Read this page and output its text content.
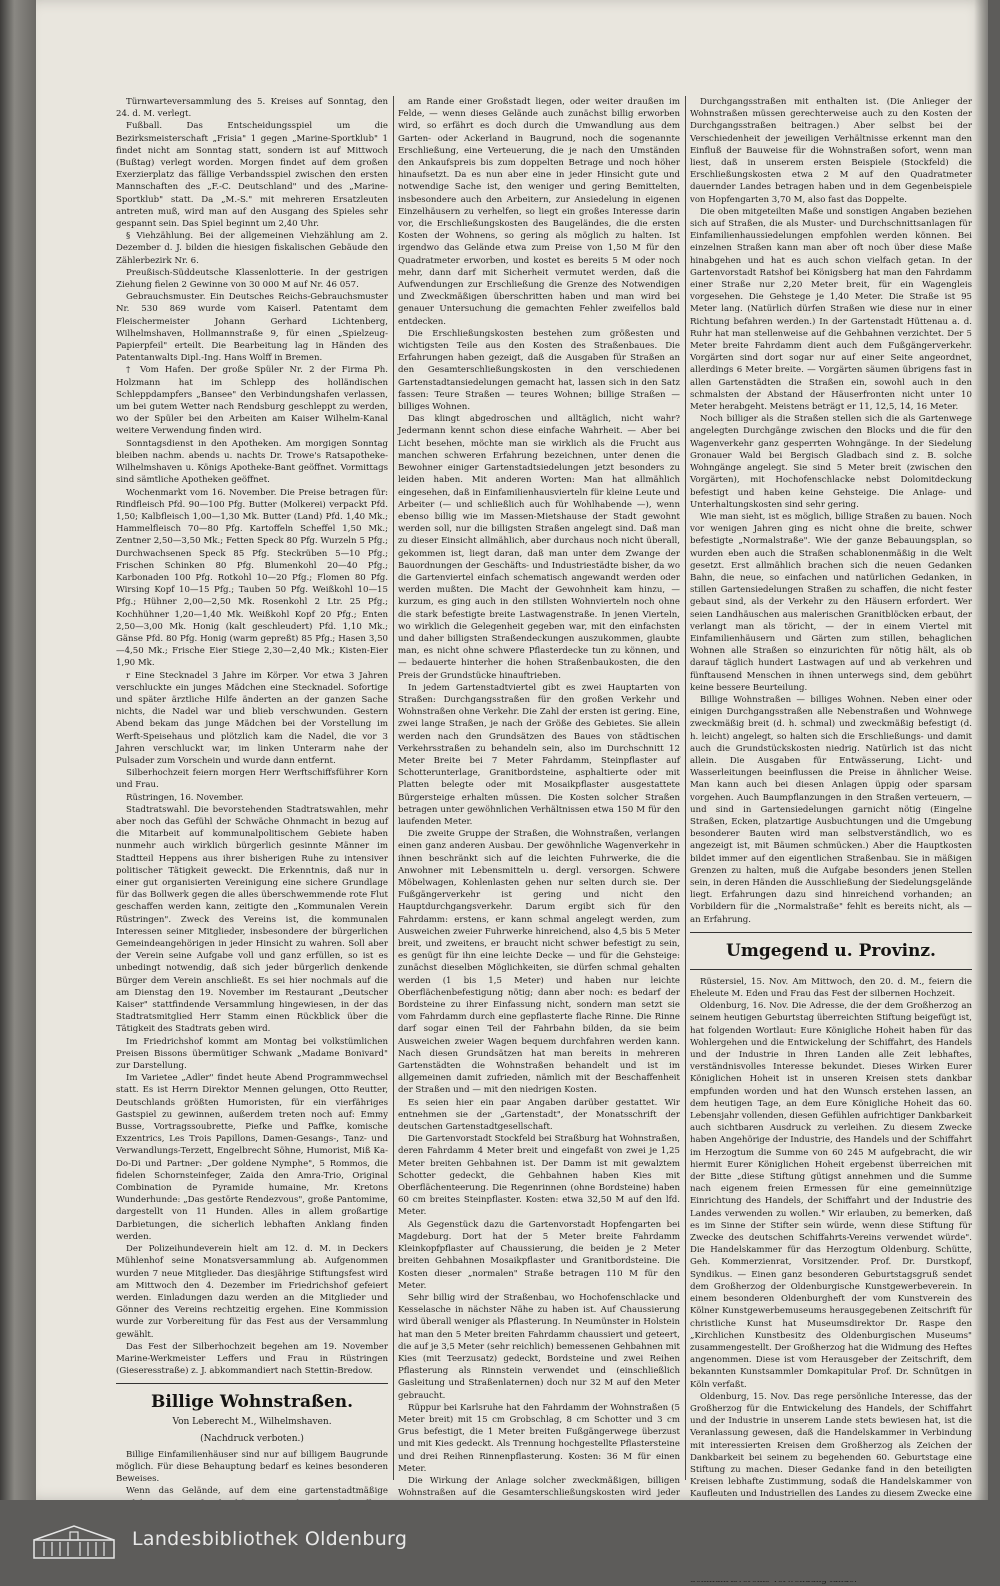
Türnwarteversammlung des 5. Kreises auf Sonntag, den 24. d. M. verlegt.

Fußball. Das Entscheidungsspiel um die Bezirksmeisterschaft „Frisia" 1 gegen „Marine-Sportklub" 1 findet nicht am Sonntag statt, sondern ist auf Mittwoch (Bußtag) verlegt worden. Morgen findet auf dem großen Exerzierplatz das fällige Verbandsspiel zwischen den ersten Mannschaften des „F.-C. Deutschland" und des „Marine-Sportklub" statt. Da „M.-S." mit mehreren Ersatzleuten antreten muß, wird man auf den Ausgang des Spieles sehr gespannt sein. Das Spiel beginnt um 2,40 Uhr.

§ Viehzählung. Bei der allgemeinen Viehzählung am 2. Dezember d. J. bilden die hiesigen fiskalischen Gebäude den Zählerbezirk Nr. 6.

Preußisch-Süddeutsche Klassenlotterie. In der gestrigen Ziehung fielen 2 Gewinne von 30 000 M auf Nr. 46 057.

Gebrauchsmuster. Ein Deutsches Reichs-Gebrauchsmuster Nr. 530 869 wurde vom Kaiserl. Patentamt dem Fleischermeister Johann Gerhard Lichtenberg, Wilhelmshaven, Hollmannstraße 9, für einen „Spielzeug-Papierpfeil" erteilt. Die Bearbeitung lag in Händen des Patentanwalts Dipl.-Ing. Hans Wolff in Bremen.

† Vom Hafen. Der große Spüler Nr. 2 der Firma Ph. Holzmann hat im Schlepp des holländischen Schleppdampfers „Bansee" den Verbindungshafen verlassen, um bei gutem Wetter nach Rendsburg geschleppt zu werden, wo der Spüler bei den Arbeiten am Kaiser Wilhelm-Kanal weitere Verwendung finden wird.

Sonntagsdienst in den Apotheken. Am morgigen Sonntag bleiben nachm. abends u. nachts Dr. Trowe's Ratsapotheke-Wilhelmshaven u. Königs Apotheke-Bant geöffnet. Vormittags sind sämtliche Apotheken geöffnet.

Wochenmarkt vom 16. November. Die Preise betragen für: Rindfleisch Pfd. 90—100 Pfg. Butter (Molkerei) verpackt Pfd. 1,50; Kalbfleisch 1,00—1,30 Mk. Butter (Land) Pfd. 1,40 Mk.; Hammelfleisch 70—80 Pfg. Kartoffeln Scheffel 1,50 Mk.; Zentner 2,50—3,50 Mk.; Fetten Speck 80 Pfg. Wurzeln 5 Pfg.; Durchwachsenen Speck 85 Pfg. Steckrüben 5—10 Pfg.; Frischen Schinken 80 Pfg. Blumenkohl 20—40 Pfg.; Karbonaden 100 Pfg. Rotkohl 10—20 Pfg.; Flomen 80 Pfg. Wirsing Kopf 10—15 Pfg.; Tauben 50 Pfg. Weißkohl 10—15 Pfg.; Hühner 2,00—2,50 Mk. Rosenkohl 2 Ltr. 25 Pfg.; Kochhühner 1,20—1,40 Mk. Weißkohl Kopf 20 Pfg.; Enten 2,50—3,00 Mk. Honig (kalt geschleudert) Pfd. 1,10 Mk.; Gänse Pfd. 80 Pfg. Honig (warm gepreßt) 85 Pfg.; Hasen 3,50—4,50 Mk.; Frische Eier Stiege 2,30—2,40 Mk.; Kisten-Eier 1,90 Mk.

r Eine Stecknadel 3 Jahre im Körper. Vor etwa 3 Jahren verschluckte ein junges Mädchen eine Stecknadel. Sofortige und später ärztliche Hilfe änderten an der ganzen Sache nichts, die Nadel war und blieb verschwunden. Gestern Abend bekam das junge Mädchen bei der Vorstellung im Werft-Speisehaus und plötzlich kam die Nadel, die vor 3 Jahren verschluckt war, im linken Unterarm nahe der Pulsader zum Vorschein und wurde dann entfernt.

Silberhochzeit feiern morgen Herr Werftschiffsführer Korn und Frau.

Rüstringen, 16. November.

Stadtratswahl. Die bevorstehenden Stadtratswahlen, mehr aber noch das Gefühl der Schwäche Ohnmacht in bezug auf die Mitarbeit auf kommunalpolitischem Gebiete haben nunmehr auch wirklich bürgerlich gesinnte Männer im Stadtteil Heppens aus ihrer bisherigen Ruhe zu intensiver politischer Tätigkeit geweckt. Die Erkenntnis, daß nur in einer gut organisierten Vereinigung eine sichere Grundlage für das Bollwerk gegen die alles überschwemmende rote Flut geschaffen werden kann, zeitigte den „Kommunalen Verein Rüstringen". Zweck des Vereins ist, die kommunalen Interessen seiner Mitglieder, insbesondere der bürgerlichen Gemeindeangehörigen in jeder Hinsicht zu wahren. Soll aber der Verein seine Aufgabe voll und ganz erfüllen, so ist es unbedingt notwendig, daß sich jeder bürgerlich denkende Bürger dem Verein anschließt. Es sei hier nochmals auf die am Dienstag den 19. November im Restaurant „Deutscher Kaiser" stattfindende Versammlung hingewiesen, in der das Stadtratsmitglied Herr Stamm einen Rückblick über die Tätigkeit des Stadtrats geben wird.

Im Friedrichshof kommt am Montag bei volkstümlichen Preisen Bissons übermütiger Schwank „Madame Bonivard" zur Darstellung.

Im Varietee „Adler" findet heute Abend Programmwechsel statt. Es ist Herrn Direktor Mennen gelungen, Otto Reutter, Deutschlands größten Humoristen, für ein vierfähriges Gastspiel zu gewinnen, außerdem treten noch auf: Emmy Busse, Vortragssoubrette, Piefke und Paffke, komische Exzentrics, Les Trois Papillons, Damen-Gesangs-, Tanz- und Verwandlungs-Terzett, Engelbrecht Söhne, Humorist, Miß Ka-Do-Di und Partner: „Der goldene Nymphe", 5 Rommos, die fidelen Schornsteinfeger, Zaida den Amra-Trio, Original Combination de Pyramide humaine, Mr. Kretons Wunderhunde: „Das gestörte Rendezvous", große Pantomime, dargestellt von 11 Hunden. Alles in allem großartige Darbietungen, die sicherlich lebhaften Anklang finden werden.

Der Polizeihundeverein hielt am 12. d. M. in Deckers Mühlenhof seine Monatsversammlung ab. Aufgenommen wurden 7 neue Mitglieder. Das diesjährige Stiftungsfest wird am Mittwoch den 4. Dezember im Friedrichshof gefeiert werden. Einladungen dazu werden an die Mitglieder und Gönner des Vereins rechtzeitig ergehen. Eine Kommission wurde zur Vorbereitung für das Fest aus der Versammlung gewählt.

Das Fest der Silberhochzeit begehen am 19. November Marine-Werkmeister Leffers und Frau in Rüstringen (Gieseresstraße) z. J. abkommandiert nach Stettin-Bredow.

Billige Wohnstraßen.
Von Leberecht M., Wilhelmshaven.
(Nachdruck verboten.)

Billige Einfamilienhäuser sind nur auf billigem Baugrunde möglich. Für diese Behauptung bedarf es keines besonderen Beweises.

Wenn das Gelände, auf dem eine gartenstadtmäßige

am Rande einer Großstadt liegen, oder weiter draußen im Felde, — wenn dieses Gelände auch zunächst billig erworben wird, so erfährt es doch durch die Umwandlung aus dem Garten- oder Ackerland in Baugrund, noch die sogenannte Erschließung, eine Verteuerung, die je nach den Umständen den Ankaufspreis bis zum doppelten Betrage und noch höher hinaufsetzt. Da es nun aber eine in jeder Hinsicht gute und notwendige Sache ist, den weniger und gering Bemittelten, insbesondere auch den Arbeitern, zur Ansiedelung in eigenen Einzelhäusern zu verhelfen, so liegt ein großes Interesse darin vor, die Erschließungskosten des Baugeländes, die die ersten Kosten der Wohnens, so gering als möglich zu halten. Ist irgendwo das Gelände etwa zum Preise von 1,50 M für den Quadratmeter erworben, und kostet es bereits 5 M oder noch mehr, dann darf mit Sicherheit vermutet werden, daß die Aufwendungen zur Erschließung die Grenze des Notwendigen und Zweckmäßigen überschritten haben und man wird bei genauer Untersuchung die gemachten Fehler zweifellos bald entdecken.

Die Erschließungskosten bestehen zum größesten und wichtigsten Teile aus den Kosten des Straßenbaues. Die Erfahrungen haben gezeigt, daß die Ausgaben für Straßen an den Gesamterschließungskosten in den verschiedenen Gartenstadtansiedelungen gemacht hat, lassen sich in den Satz fassen: Teure Straßen — teures Wohnen; billige Straßen — billiges Wohnen.

Das klingt abgedroschen und alltäglich, nicht wahr? Jedermann kennt schon diese einfache Wahrheit. — Aber bei Licht besehen, möchte man sie wirklich als die Frucht aus manchen schweren Erfahrung bezeichnen, unter denen die Bewohner einiger Gartenstadtsiedelungen jetzt besonders zu leiden haben. Mit anderen Worten: Man hat allmählich eingesehen, daß in Einfamilienhausvierteln für kleine Leute und Arbeiter (— und schließlich auch für Wohlhabende —), wenn ebenso billig wie im Massen-Mietshause der Stadt gewohnt werden soll, nur die billigsten Straßen angelegt sind. Daß man zu dieser Einsicht allmählich, aber durchaus noch nicht überall, gekommen ist, liegt daran, daß man unter dem Zwange der Bauordnungen der Geschäfts- und Industriestädte bisher, da wo die Gartenviertel einfach schematisch angewandt werden oder werden mußten. Die Macht der Gewohnheit kam hinzu, — kurzum, es ging auch in den stillsten Wohnvierteln noch ohne die stark befestigte breite Lastwagenstraße. In jenen Vierteln, wo wirklich die Gelegenheit gegeben war, mit den einfachsten und daher billigsten Straßendeckungen auszukommen, glaubte man, es nicht ohne schwere Pflasterdecke tun zu können, und — bedauerte hinterher die hohen Straßenbaukosten, die den Preis der Grundstücke hinauftrieben.

In jedem Gartenstadtviertel gibt es zwei Hauptarten von Straßen: Durchgangsstraßen für den großen Verkehr und Wohnstraßen ohne Verkehr. Die Zahl der ersten ist gering. Eine, zwei lange Straßen, je nach der Größe des Gebietes. Sie allein werden nach den Grundsätzen des Baues von städtischen Verkehrsstraßen zu behandeln sein, also im Durchschnitt 12 Meter Breite bei 7 Meter Fahrdamm, Steinpflaster auf Schotterunterlage, Granitbordsteine, asphaltierte oder mit Platten belegte oder mit Mosaikpflaster ausgestattete Bürgersteige erhalten müssen. Die Kosten solcher Straßen betragen unter gewöhnlichen Verhältnissen etwa 150 M für den laufenden Meter.

Die zweite Gruppe der Straßen, die Wohnstraßen, verlangen einen ganz anderen Ausbau. Der gewöhnliche Wagenverkehr in ihnen beschränkt sich auf die leichten Fuhrwerke, die die Anwohner mit Lebensmitteln u. dergl. versorgen. Schwere Möbelwagen, Kohlenlasten gehen nur selten durch sie. Der Fußgängerverkehr ist gering und nicht den Hauptdurchgangsverkehr. Darum ergibt sich für den Fahrdamm: erstens, er kann schmal angelegt werden, zum Ausweichen zweier Fuhrwerke hinreichend, also 4,5 bis 5 Meter breit, und zweitens, er braucht nicht schwer befestigt zu sein, es genügt für ihn eine leichte Decke — und für die Gehsteige: zunächst dieselben Möglichkeiten, sie dürfen schmal gehalten werden (1 bis 1,5 Meter) und haben nur leichte Oberflächenbefestigung nötig; dann aber noch: es bedarf der Bordsteine zu ihrer Einfassung nicht, sondern man setzt sie vom Fahrdamm durch eine gepflasterte flache Rinne. Die Rinne darf sogar einen Teil der Fahrbahn bilden, da sie beim Ausweichen zweier Wagen bequem durchfahren werden kann. Nach diesen Grundsätzen hat man bereits in mehreren Gartenstädten die Wohnstraßen behandelt und ist im allgemeinen damit zufrieden, nämlich mit der Beschaffenheit der Straßen und — mit den niedrigen Kosten.

Es seien hier ein paar Angaben darüber gestattet. Wir entnehmen sie der „Gartenstadt", der Monatsschrift der deutschen Gartenstadtgesellschaft.

Die Gartenvorstadt Stockfeld bei Straßburg hat Wohnstraßen, deren Fahrdamm 4 Meter breit und eingefaßt von zwei je 1,25 Meter breiten Gehbahnen ist. Der Damm ist mit gewalztem Schotter gedeckt, die Gehbahnen haben Kies mit Oberflächenteerung. Die Regenrinnen (ohne Bordsteine) haben 60 cm breites Steinpflaster. Kosten: etwa 32,50 M auf den lfd. Meter.

Als Gegenstück dazu die Gartenvorstadt Hopfengarten bei Magdeburg. Dort hat der 5 Meter breite Fahrdamm Kleinkopfpflaster auf Chaussierung, die beiden je 2 Meter breiten Gehbahnen Mosaikpflaster und Granitbordsteine. Die Kosten dieser „normalen" Straße betragen 110 M für den Meter.

Sehr billig wird der Straßenbau, wo Hochofenschlacke und Kesselasche in nächster Nähe zu haben ist. Auf Chaussierung wird überall weniger als Pflasterung. In Neumünster in Holstein hat man den 5 Meter breiten Fahrdamm chaussiert und geteert, die auf je 3,5 Meter (sehr reichlich) bemessenen Gehbahnen mit Kies (mit Teerzusatz) gedeckt, Bordsteine und zwei Reihen Pflasterung als Rinnstein verwendet und (einschließlich Gasleitung und Straßenlaternen) doch nur 32 M auf den Meter gebraucht.

Rüppur bei Karlsruhe hat den Fahrdamm der Wohnstraßen (5 Meter breit) mit 15 cm Grobschlag, 8 cm Schotter und 3 cm Grus befestigt, die 1 Meter breiten Fußgängerwege überzust und mit Kies gedeckt. Als Trennung hochgestellte Pflastersteine und drei Reihen Rinnenpflasterung. Kosten: 36 M für einen Meter.

Die Wirkung der Anlage solcher zweckmäßigen, billigen Wohnstraßen auf die Gesamterschließungskosten wird jeder

Durchgangsstraßen mit enthalten ist. (Die Anlieger der Wohnstraßen müssen gerechterweise auch zu den Kosten der Durchgangsstraßen beitragen.) Aber selbst bei der Verschiedenheit der jeweiligen Verhältnisse erkennt man den Einfluß der Bauweise für die Wohnstraßen sofort, wenn man liest, daß in unserem ersten Beispiele (Stockfeld) die Erschließungskosten etwa 2 M auf den Quadratmeter dauernder Landes betragen haben und in dem Gegenbeispiele von Hopfengarten 3,70 M, also fast das Doppelte.

Die oben mitgeteilten Maße und sonstigen Angaben beziehen sich auf Straßen, die als Muster- und Durchschnittsanlagen für Einfamilienhaussiedelungen empfohlen werden können. Bei einzelnen Straßen kann man aber oft noch über diese Maße hinabgehen und hat es auch schon vielfach getan. In der Gartenvorstadt Ratshof bei Königsberg hat man den Fahrdamm einer Straße nur 2,20 Meter breit, für ein Wagengleis vorgesehen. Die Gehstege je 1,40 Meter. Die Straße ist 95 Meter lang. (Natürlich dürfen Straßen wie diese nur in einer Richtung befahren werden.) In der Gartenstadt Hüttenau a. d. Ruhr hat man stellenweise auf die Gehbahnen verzichtet. Der 5 Meter breite Fahrdamm dient auch dem Fußgängerverkehr. Vorgärten sind dort sogar nur auf einer Seite angeordnet, allerdings 6 Meter breite. — Vorgärten säumen übrigens fast in allen Gartenstädten die Straßen ein, sowohl auch in den schmalsten der Abstand der Häuserfronten nicht unter 10 Meter herabgeht. Meistens beträgt er 11, 12,5, 14, 16 Meter.

Noch billiger als die Straßen stellen sich die als Gartenwege angelegten Durchgänge zwischen den Blocks und die für den Wagenverkehr ganz gesperrten Wohngänge. In der Siedelung Gronauer Wald bei Bergisch Gladbach sind z. B. solche Wohngänge angelegt. Sie sind 5 Meter breit (zwischen den Vorgärten), mit Hochofenschlacke nebst Dolomitdeckung befestigt und haben keine Gehsteige. Die Anlage- und Unterhaltungskosten sind sehr gering.

Wie man sieht, ist es möglich, billige Straßen zu bauen. Noch vor wenigen Jahren ging es nicht ohne die breite, schwer befestigte „Normalstraße". Wie der ganze Bebauungsplan, so wurden eben auch die Straßen schablonenmäßig in die Welt gesetzt. Erst allmählich brachen sich die neuen Gedanken Bahn, die neue, so einfachen und natürlichen Gedanken, in stillen Gartensiedelungen Straßen zu schaffen, die nicht fester gebaut sind, als der Verkehr zu den Häusern erfordert. Wer seien Landhäuschen aus malerischen Granitblöcken erbaut, der verlangt man als töricht, — der in einem Viertel mit Einfamilienhäusern und Gärten zum stillen, behaglichen Wohnen alle Straßen so einzurichten für nötig hält, als ob darauf täglich hundert Lastwagen auf und ab verkehren und fünftausend Menschen in ihnen unterwegs sind, dem gebührt keine bessere Beurteilung.

Billige Wohnstraßen — billiges Wohnen. Neben einer oder einigen Durchgangsstraßen alle Nebenstraßen und Wohnwege zweckmäßig breit (d. h. schmal) und zweckmäßig befestigt (d. h. leicht) angelegt, so halten sich die Erschließungs- und damit auch die Grundstückskosten niedrig. Natürlich ist das nicht allein. Die Ausgaben für Entwässerung, Licht- und Wasserleitungen beeinflussen die Preise in ähnlicher Weise. Man kann auch bei diesen Anlagen üppig oder sparsam vorgehen. Auch Baumpflanzungen in den Straßen verteuern, — und sind in Gartensiedelungen garnicht nötig (Eingelne Straßen, Ecken, platzartige Ausbuchtungen und die Umgebung besonderer Bauten wird man selbstverständlich, wo es angezeigt ist, mit Bäumen schmücken.) Aber die Hauptkosten bildet immer auf den eigentlichen Straßenbau. Sie in mäßigen Grenzen zu halten, muß die Aufgabe besonders jenen Stellen sein, in deren Händen die Ausschließung der Siedelungsgelände liegt. Erfahrungen dazu sind hinreichend vorhanden; an Vorbildern für die „Normalstraße" fehlt es bereits nicht, als — an Erfahrung.

Umgegend u. Provinz.

Rüstersiel, 15. Nov. Am Mittwoch, den 20. d. M., feiern die Eheleute M. Eden und Frau das Fest der silbernen Hochzeit.

Oldenburg, 16. Nov. Die Adresse, die der dem Großherzog an seinem heutigen Geburtstag überreichten Stiftung beigefügt ist, hat folgenden Wortlaut: Eure Königliche Hoheit haben für das Wohlergehen und die Entwickelung der Schiffahrt, des Handels und der Industrie in Ihren Landen alle Zeit lebhaftes, verständnisvolles Interesse bekundet. Dieses Wirken Eurer Königlichen Hoheit ist in unseren Kreisen stets dankbar empfunden worden und hat den Wunsch erstehen lassen, an dem heutigen Tage, an dem Eure Königliche Hoheit das 60. Lebensjahr vollenden, diesen Gefühlen aufrichtiger Dankbarkeit auch sichtbaren Ausdruck zu verleihen. Zu diesem Zwecke haben Angehörige der Industrie, des Handels und der Schiffahrt im Herzogtum die Summe von 60 245 M aufgebracht, die wir hiermit Eurer Königlichen Hoheit ergebenst überreichen mit der Bitte „diese Stiftung gütigst annehmen und die Summe nach eigenem freien Ermessen für eine gemeinnützige Einrichtung des Handels, der Schiffahrt und der Industrie des Landes verwenden zu wollen." Wir erlauben, zu bemerken, daß es im Sinne der Stifter sein würde, wenn diese Stiftung für Zwecke des deutschen Schiffahrts-Vereins verwendet würde". Die Handelskammer für das Herzogtum Oldenburg. Schütte, Geh. Kommerzienrat, Vorsitzender. Prof. Dr. Durstkopf, Syndikus. — Einen ganz besonderen Geburtstagsgruß sendet dem Großherzog der Oldenburgische Kunstgewerbeverein. In einem besonderen Oldenburgheft der vom Kunstverein des Kölner Kunstgewerbemuseums herausgegebenen Zeitschrift für christliche Kunst hat Museumsdirektor Dr. Raspe den „Kirchlichen Kunstbesitz des Oldenburgischen Museums" zusammengestellt. Der Großherzog hat die Widmung des Heftes angenommen. Diese ist vom Herausgeber der Zeitschrift, dem bekannten Kunstsammler Domkapitular Prof. Dr. Schnütgen in Köln verfaßt.

Oldenburg, 15. Nov. Das rege persönliche Interesse, das der Großherzog für die Entwickelung des Handels, der Schiffahrt und der Industrie in unserem Lande stets bewiesen hat, ist die Veranlassung gewesen, daß die Handelskammer in Verbindung mit interessierten Kreisen dem Großherzog als Zeichen der Dankbarkeit bei seinem zu begehenden 60. Geburtstage eine Stiftung zu machen. Dieser Gedanke fand in den beteiligten Kreisen lebhafte Zustimmung, sodaß die Handelskammer von Kaufleuten und Industriellen des Landes zu diesem Zwecke eine

Landesbibliothek Oldenburg
